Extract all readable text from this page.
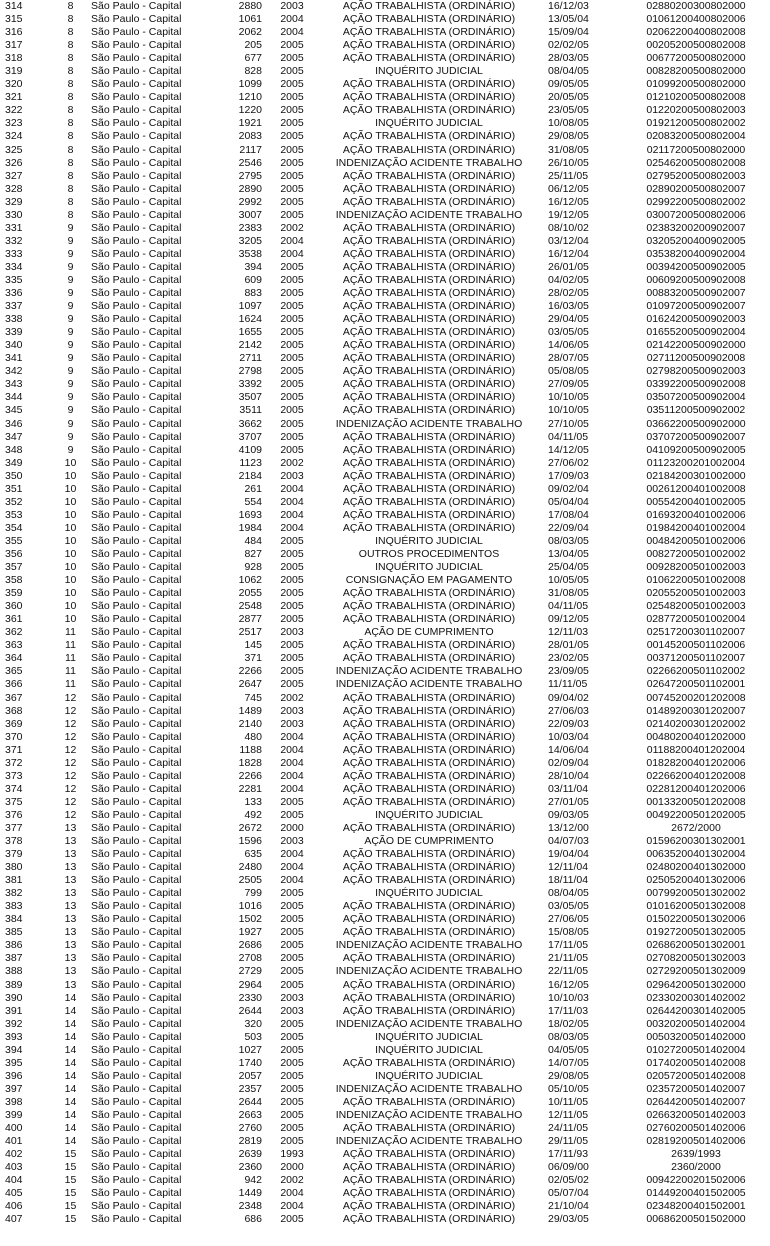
314	8	São Paulo - Capital	2880	2003	AÇÃO TRABALHISTA (ORDINÁRIO)	16/12/03	02880200300802000
315	8	São Paulo - Capital	1061	2004	AÇÃO TRABALHISTA (ORDINÁRIO)	13/05/04	01061200400802006
316	8	São Paulo - Capital	2062	2004	AÇÃO TRABALHISTA (ORDINÁRIO)	15/09/04	02062200400802008
317	8	São Paulo - Capital	205	2005	AÇÃO TRABALHISTA (ORDINÁRIO)	02/02/05	00205200500802008
318	8	São Paulo - Capital	677	2005	AÇÃO TRABALHISTA (ORDINÁRIO)	28/03/05	00677200500802000
319	8	São Paulo - Capital	828	2005	INQUÉRITO JUDICIAL	08/04/05	00828200500802000
320	8	São Paulo - Capital	1099	2005	AÇÃO TRABALHISTA (ORDINÁRIO)	09/05/05	01099200500802000
321	8	São Paulo - Capital	1210	2005	AÇÃO TRABALHISTA (ORDINÁRIO)	20/05/05	01210200500802008
322	8	São Paulo - Capital	1220	2005	AÇÃO TRABALHISTA (ORDINÁRIO)	23/05/05	01220200500802003
323	8	São Paulo - Capital	1921	2005	INQUÉRITO JUDICIAL	10/08/05	01921200500802002
324	8	São Paulo - Capital	2083	2005	AÇÃO TRABALHISTA (ORDINÁRIO)	29/08/05	02083200500802004
325	8	São Paulo - Capital	2117	2005	AÇÃO TRABALHISTA (ORDINÁRIO)	31/08/05	02117200500802000
326	8	São Paulo - Capital	2546	2005	INDENIZAÇÃO ACIDENTE TRABALHO	26/10/05	02546200500802008
327	8	São Paulo - Capital	2795	2005	AÇÃO TRABALHISTA (ORDINÁRIO)	25/11/05	02795200500802003
328	8	São Paulo - Capital	2890	2005	AÇÃO TRABALHISTA (ORDINÁRIO)	06/12/05	02890200500802007
329	8	São Paulo - Capital	2992	2005	AÇÃO TRABALHISTA (ORDINÁRIO)	16/12/05	02992200500802002
330	8	São Paulo - Capital	3007	2005	INDENIZAÇÃO ACIDENTE TRABALHO	19/12/05	03007200500802006
331	9	São Paulo - Capital	2383	2002	AÇÃO TRABALHISTA (ORDINÁRIO)	08/10/02	02383200200902007
332	9	São Paulo - Capital	3205	2004	AÇÃO TRABALHISTA (ORDINÁRIO)	03/12/04	03205200400902005
333	9	São Paulo - Capital	3538	2004	AÇÃO TRABALHISTA (ORDINÁRIO)	16/12/04	03538200400902004
334	9	São Paulo - Capital	394	2005	AÇÃO TRABALHISTA (ORDINÁRIO)	26/01/05	00394200500902005
335	9	São Paulo - Capital	609	2005	AÇÃO TRABALHISTA (ORDINÁRIO)	04/02/05	00609200500902008
336	9	São Paulo - Capital	883	2005	AÇÃO TRABALHISTA (ORDINÁRIO)	28/02/05	00883200500902007
337	9	São Paulo - Capital	1097	2005	AÇÃO TRABALHISTA (ORDINÁRIO)	16/03/05	01097200500902007
338	9	São Paulo - Capital	1624	2005	AÇÃO TRABALHISTA (ORDINÁRIO)	29/04/05	01624200500902003
339	9	São Paulo - Capital	1655	2005	AÇÃO TRABALHISTA (ORDINÁRIO)	03/05/05	01655200500902004
340	9	São Paulo - Capital	2142	2005	AÇÃO TRABALHISTA (ORDINÁRIO)	14/06/05	02142200500902000
341	9	São Paulo - Capital	2711	2005	AÇÃO TRABALHISTA (ORDINÁRIO)	28/07/05	02711200500902008
342	9	São Paulo - Capital	2798	2005	AÇÃO TRABALHISTA (ORDINÁRIO)	05/08/05	02798200500902003
343	9	São Paulo - Capital	3392	2005	AÇÃO TRABALHISTA (ORDINÁRIO)	27/09/05	03392200500902008
344	9	São Paulo - Capital	3507	2005	AÇÃO TRABALHISTA (ORDINÁRIO)	10/10/05	03507200500902004
345	9	São Paulo - Capital	3511	2005	AÇÃO TRABALHISTA (ORDINÁRIO)	10/10/05	03511200500902002
346	9	São Paulo - Capital	3662	2005	INDENIZAÇÃO ACIDENTE TRABALHO	27/10/05	03662200500902000
347	9	São Paulo - Capital	3707	2005	AÇÃO TRABALHISTA (ORDINÁRIO)	04/11/05	03707200500902007
348	9	São Paulo - Capital	4109	2005	AÇÃO TRABALHISTA (ORDINÁRIO)	14/12/05	04109200500902005
349	10	São Paulo - Capital	1123	2002	AÇÃO TRABALHISTA (ORDINÁRIO)	27/06/02	01123200201002004
350	10	São Paulo - Capital	2184	2003	AÇÃO TRABALHISTA (ORDINÁRIO)	17/09/03	02184200301002000
351	10	São Paulo - Capital	261	2004	AÇÃO TRABALHISTA (ORDINÁRIO)	09/02/04	00261200401002008
352	10	São Paulo - Capital	554	2004	AÇÃO TRABALHISTA (ORDINÁRIO)	05/04/04	00554200401002005
353	10	São Paulo - Capital	1693	2004	AÇÃO TRABALHISTA (ORDINÁRIO)	17/08/04	01693200401002006
354	10	São Paulo - Capital	1984	2004	AÇÃO TRABALHISTA (ORDINÁRIO)	22/09/04	01984200401002004
355	10	São Paulo - Capital	484	2005	INQUÉRITO JUDICIAL	08/03/05	00484200501002006
356	10	São Paulo - Capital	827	2005	OUTROS PROCEDIMENTOS	13/04/05	00827200501002002
357	10	São Paulo - Capital	928	2005	INQUÉRITO JUDICIAL	25/04/05	00928200501002003
358	10	São Paulo - Capital	1062	2005	CONSIGNAÇÃO EM PAGAMENTO	10/05/05	01062200501002008
359	10	São Paulo - Capital	2055	2005	AÇÃO TRABALHISTA (ORDINÁRIO)	31/08/05	02055200501002003
360	10	São Paulo - Capital	2548	2005	AÇÃO TRABALHISTA (ORDINÁRIO)	04/11/05	02548200501002003
361	10	São Paulo - Capital	2877	2005	AÇÃO TRABALHISTA (ORDINÁRIO)	09/12/05	02877200501002004
362	11	São Paulo - Capital	2517	2003	AÇÃO DE CUMPRIMENTO	12/11/03	02517200301102007
363	11	São Paulo - Capital	145	2005	AÇÃO TRABALHISTA (ORDINÁRIO)	28/01/05	00145200501102006
364	11	São Paulo - Capital	371	2005	AÇÃO TRABALHISTA (ORDINÁRIO)	23/02/05	00371200501102007
365	11	São Paulo - Capital	2266	2005	INDENIZAÇÃO ACIDENTE TRABALHO	23/09/05	02266200501102002
366	11	São Paulo - Capital	2647	2005	INDENIZAÇÃO ACIDENTE TRABALHO	11/11/05	02647200501102001
367	12	São Paulo - Capital	745	2002	AÇÃO TRABALHISTA (ORDINÁRIO)	09/04/02	00745200201202008
368	12	São Paulo - Capital	1489	2003	AÇÃO TRABALHISTA (ORDINÁRIO)	27/06/03	01489200301202007
369	12	São Paulo - Capital	2140	2003	AÇÃO TRABALHISTA (ORDINÁRIO)	22/09/03	02140200301202002
370	12	São Paulo - Capital	480	2004	AÇÃO TRABALHISTA (ORDINÁRIO)	10/03/04	00480200401202000
371	12	São Paulo - Capital	1188	2004	AÇÃO TRABALHISTA (ORDINÁRIO)	14/06/04	01188200401202004
372	12	São Paulo - Capital	1828	2004	AÇÃO TRABALHISTA (ORDINÁRIO)	02/09/04	01828200401202006
373	12	São Paulo - Capital	2266	2004	AÇÃO TRABALHISTA (ORDINÁRIO)	28/10/04	02266200401202008
374	12	São Paulo - Capital	2281	2004	AÇÃO TRABALHISTA (ORDINÁRIO)	03/11/04	02281200401202006
375	12	São Paulo - Capital	133	2005	AÇÃO TRABALHISTA (ORDINÁRIO)	27/01/05	00133200501202008
376	12	São Paulo - Capital	492	2005	INQUÉRITO JUDICIAL	09/03/05	00492200501202005
377	13	São Paulo - Capital	2672	2000	AÇÃO TRABALHISTA (ORDINÁRIO)	13/12/00	2672/2000
378	13	São Paulo - Capital	1596	2003	AÇÃO DE CUMPRIMENTO	04/07/03	01596200301302001
379	13	São Paulo - Capital	635	2004	AÇÃO TRABALHISTA (ORDINÁRIO)	19/04/04	00635200401302004
380	13	São Paulo - Capital	2480	2004	AÇÃO TRABALHISTA (ORDINÁRIO)	12/11/04	02480200401302000
381	13	São Paulo - Capital	2505	2004	AÇÃO TRABALHISTA (ORDINÁRIO)	18/11/04	02505200401302006
382	13	São Paulo - Capital	799	2005	INQUÉRITO JUDICIAL	08/04/05	00799200501302002
383	13	São Paulo - Capital	1016	2005	AÇÃO TRABALHISTA (ORDINÁRIO)	03/05/05	01016200501302008
384	13	São Paulo - Capital	1502	2005	AÇÃO TRABALHISTA (ORDINÁRIO)	27/06/05	01502200501302006
385	13	São Paulo - Capital	1927	2005	AÇÃO TRABALHISTA (ORDINÁRIO)	15/08/05	01927200501302005
386	13	São Paulo - Capital	2686	2005	INDENIZAÇÃO ACIDENTE TRABALHO	17/11/05	02686200501302001
387	13	São Paulo - Capital	2708	2005	AÇÃO TRABALHISTA (ORDINÁRIO)	21/11/05	02708200501302003
388	13	São Paulo - Capital	2729	2005	INDENIZAÇÃO ACIDENTE TRABALHO	22/11/05	02729200501302009
389	13	São Paulo - Capital	2964	2005	AÇÃO TRABALHISTA (ORDINÁRIO)	16/12/05	02964200501302000
390	14	São Paulo - Capital	2330	2003	AÇÃO TRABALHISTA (ORDINÁRIO)	10/10/03	02330200301402002
391	14	São Paulo - Capital	2644	2003	AÇÃO TRABALHISTA (ORDINÁRIO)	17/11/03	02644200301402005
392	14	São Paulo - Capital	320	2005	INDENIZAÇÃO ACIDENTE TRABALHO	18/02/05	00320200501402004
393	14	São Paulo - Capital	503	2005	INQUÉRITO JUDICIAL	08/03/05	00503200501402000
394	14	São Paulo - Capital	1027	2005	INQUÉRITO JUDICIAL	04/05/05	01027200501402004
395	14	São Paulo - Capital	1740	2005	AÇÃO TRABALHISTA (ORDINÁRIO)	14/07/05	01740200501402008
396	14	São Paulo - Capital	2057	2005	INQUÉRITO JUDICIAL	29/08/05	02057200501402008
397	14	São Paulo - Capital	2357	2005	INDENIZAÇÃO ACIDENTE TRABALHO	05/10/05	02357200501402007
398	14	São Paulo - Capital	2644	2005	AÇÃO TRABALHISTA (ORDINÁRIO)	10/11/05	02644200501402007
399	14	São Paulo - Capital	2663	2005	INDENIZAÇÃO ACIDENTE TRABALHO	12/11/05	02663200501402003
400	14	São Paulo - Capital	2760	2005	AÇÃO TRABALHISTA (ORDINÁRIO)	24/11/05	02760200501402006
401	14	São Paulo - Capital	2819	2005	INDENIZAÇÃO ACIDENTE TRABALHO	29/11/05	02819200501402006
402	15	São Paulo - Capital	2639	1993	AÇÃO TRABALHISTA (ORDINÁRIO)	17/11/93	2639/1993
403	15	São Paulo - Capital	2360	2000	AÇÃO TRABALHISTA (ORDINÁRIO)	06/09/00	2360/2000
404	15	São Paulo - Capital	942	2002	AÇÃO TRABALHISTA (ORDINÁRIO)	02/05/02	00942200201502006
405	15	São Paulo - Capital	1449	2004	AÇÃO TRABALHISTA (ORDINÁRIO)	05/07/04	01449200401502005
406	15	São Paulo - Capital	2348	2004	AÇÃO TRABALHISTA (ORDINÁRIO)	21/10/04	02348200401502001
407	15	São Paulo - Capital	686	2005	AÇÃO TRABALHISTA (ORDINÁRIO)	29/03/05	00686200501502000
